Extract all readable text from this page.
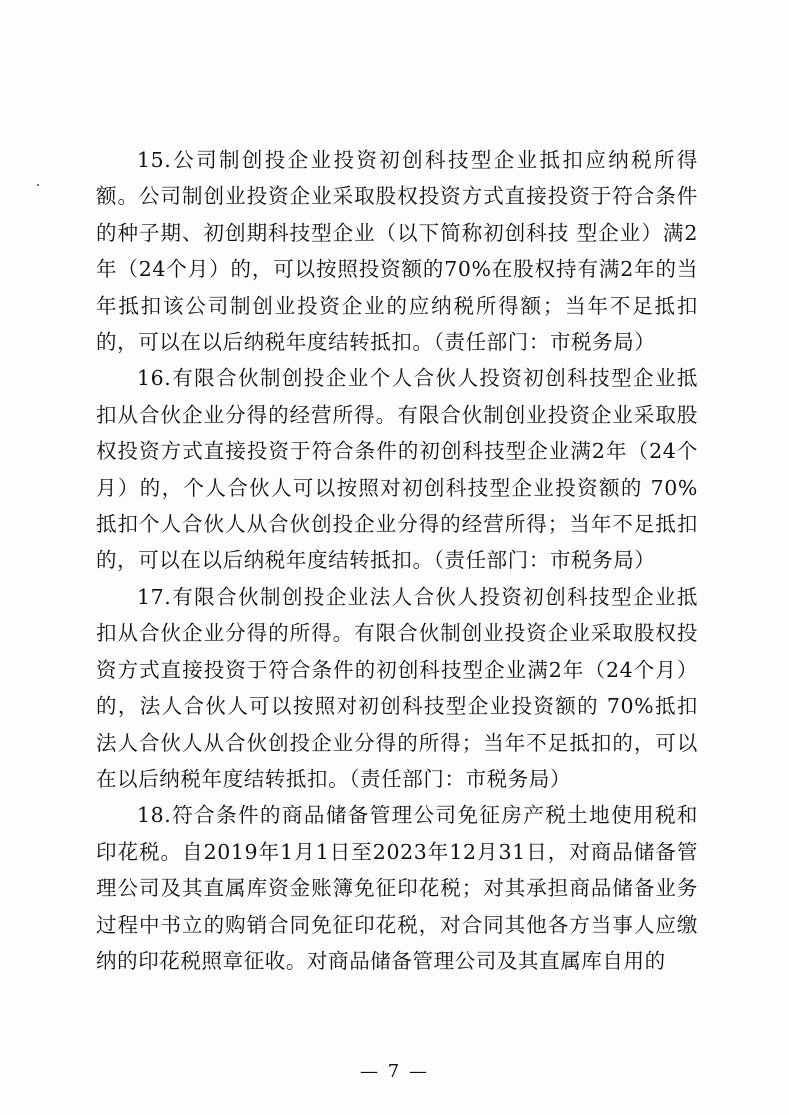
15.公司制创投企业投资初创科技型企业抵扣应纳税所得额。公司制创业投资企业采取股权投资方式直接投资于符合条件的种子期、初创期科技型企业（以下简称初创科技 型企业）满2年（24个月）的，可以按照投资额的70%在股权持有满2年的当年抵扣该公司制创业投资企业的应纳税所得额；当年不足抵扣的，可以在以后纳税年度结转抵扣。（责任部门：市税务局）

16.有限合伙制创投企业个人合伙人投资初创科技型企业抵扣从合伙企业分得的经营所得。有限合伙制创业投资企业采取股权投资方式直接投资于符合条件的初创科技型企业满2年（24个月）的，个人合伙人可以按照对初创科技型企业投资额的 70%抵扣个人合伙人从合伙创投企业分得的经营所得；当年不足抵扣的，可以在以后纳税年度结转抵扣。（责任部门：市税务局）

17.有限合伙制创投企业法人合伙人投资初创科技型企业抵扣从合伙企业分得的所得。有限合伙制创业投资企业采取股权投资方式直接投资于符合条件的初创科技型企业满2年（24个月）的，法人合伙人可以按照对初创科技型企业投资额的 70%抵扣法人合伙人从合伙创投企业分得的所得；当年不足抵扣的，可以在以后纳税年度结转抵扣。（责任部门：市税务局）

18.符合条件的商品储备管理公司免征房产税土地使用税和印花税。自2019年1月1日至2023年12月31日，对商品储备管理公司及其直属库资金账簿免征印花税；对其承担商品储备业务过程中书立的购销合同免征印花税，对合同其他各方当事人应缴纳的印花税照章征收。对商品储备管理公司及其直属库自用的

— 7 —
